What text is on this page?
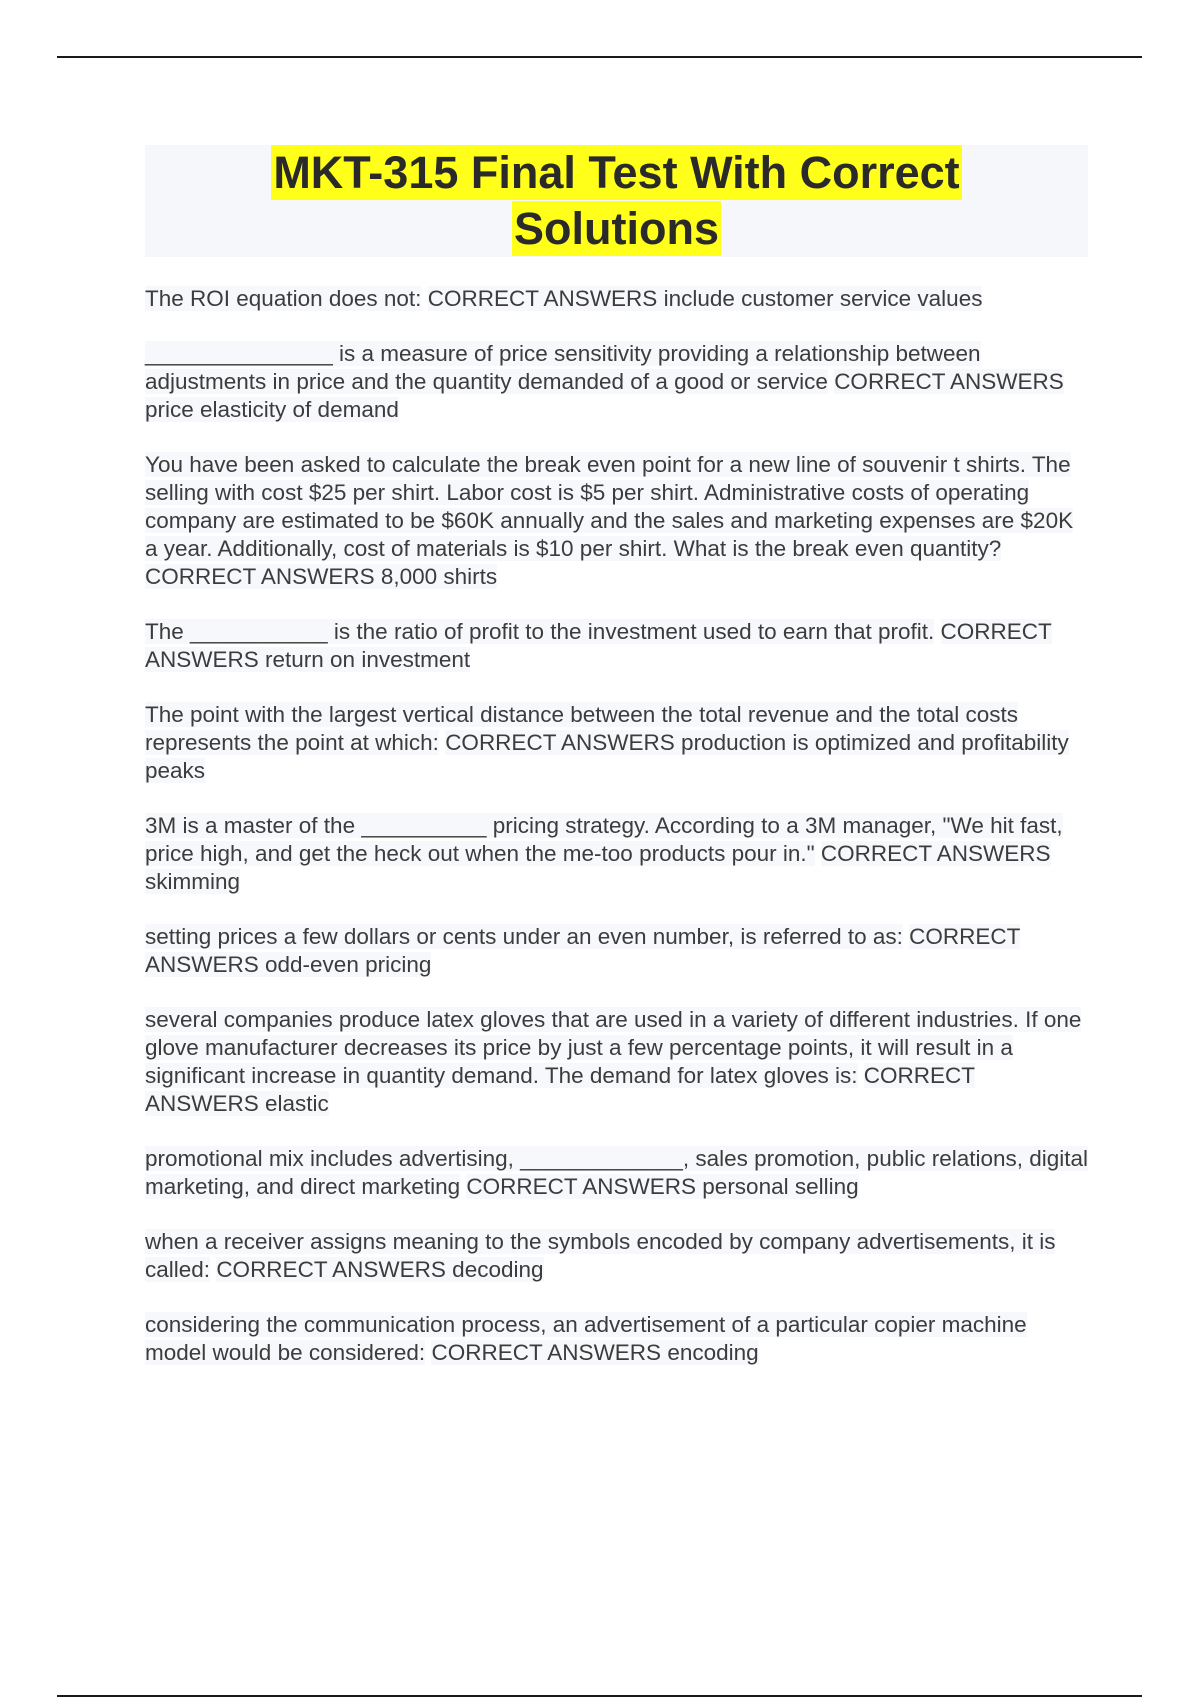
MKT-315 Final Test With Correct
Solutions

The ROI equation does not: CORRECT ANSWERS include customer service values

_______________ is a measure of price sensitivity providing a relationship between adjustments in price and the quantity demanded of a good or service CORRECT ANSWERS price elasticity of demand

You have been asked to calculate the break even point for a new line of souvenir t shirts. The selling with cost $25 per shirt. Labor cost is $5 per shirt. Administrative costs of operating company are estimated to be $60K annually and the sales and marketing expenses are $20K a year. Additionally, cost of materials is $10 per shirt. What is the break even quantity? CORRECT ANSWERS 8,000 shirts

The ___________ is the ratio of profit to the investment used to earn that profit. CORRECT ANSWERS return on investment

The point with the largest vertical distance between the total revenue and the total costs represents the point at which: CORRECT ANSWERS production is optimized and profitability peaks

3M is a master of the __________ pricing strategy. According to a 3M manager, "We hit fast, price high, and get the heck out when the me-too products pour in." CORRECT ANSWERS skimming

setting prices a few dollars or cents under an even number, is referred to as: CORRECT ANSWERS odd-even pricing

several companies produce latex gloves that are used in a variety of different industries. If one glove manufacturer decreases its price by just a few percentage points, it will result in a significant increase in quantity demand. The demand for latex gloves is: CORRECT ANSWERS elastic

promotional mix includes advertising, _____________, sales promotion, public relations, digital marketing, and direct marketing CORRECT ANSWERS personal selling

when a receiver assigns meaning to the symbols encoded by company advertisements, it is called: CORRECT ANSWERS decoding

considering the communication process, an advertisement of a particular copier machine model would be considered: CORRECT ANSWERS encoding
